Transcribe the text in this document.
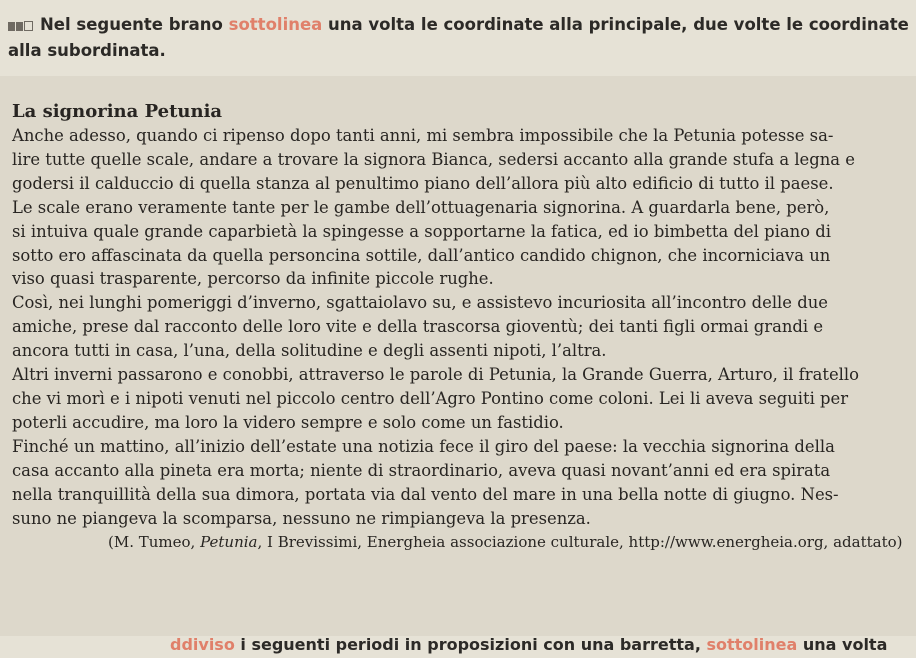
Nel seguente brano sottolinea una volta le coordinate alla principale, due volte le coordinate
alla subordinata.
La signorina Petunia
Anche adesso, quando ci ripenso dopo tanti anni, mi sembra impossibile che la Petunia potesse sa-
lire tutte quelle scale, andare a trovare la signora Bianca, sedersi accanto alla grande stufa a legna e
godersi il calduccio di quella stanza al penultimo piano dell’allora più alto edificio di tutto il paese.
Le scale erano veramente tante per le gambe dell’ottuagenaria signorina. A guardarla bene, però,
si intuiva quale grande caparbietà la spingesse a sopportarne la fatica, ed io bimbetta del piano di
sotto ero affascinata da quella personcina sottile, dall’antico candido chignon, che incorniciava un
viso quasi trasparente, percorso da infinite piccole rughe.
Così, nei lunghi pomeriggi d’inverno, sgattaiolavo su, e assistevo incuriosita all’incontro delle due
amiche, prese dal racconto delle loro vite e della trascorsa gioventù; dei tanti figli ormai grandi e
ancora tutti in casa, l’una, della solitudine e degli assenti nipoti, l’altra.
Altri inverni passarono e conobbi, attraverso le parole di Petunia, la Grande Guerra, Arturo, il fratello
che vi morì e i nipoti venuti nel piccolo centro dell’Agro Pontino come coloni. Lei li aveva seguiti per
poterli accudire, ma loro la videro sempre e solo come un fastidio.
Finché un mattino, all’inizio dell’estate una notizia fece il giro del paese: la vecchia signorina della
casa accanto alla pineta era morta; niente di straordinario, aveva quasi novant’anni ed era spirata
nella tranquillità della sua dimora, portata via dal vento del mare in una bella notte di giugno. Nes-
suno ne piangeva la scomparsa, nessuno ne rimpiangeva la presenza.
(M. Tumeo, Petunia, I Brevissimi, Energheia associazione culturale, http://www.energheia.org, adattato)
ddiviso i seguenti periodi in proposizioni con una barretta, sottolinea una volta
